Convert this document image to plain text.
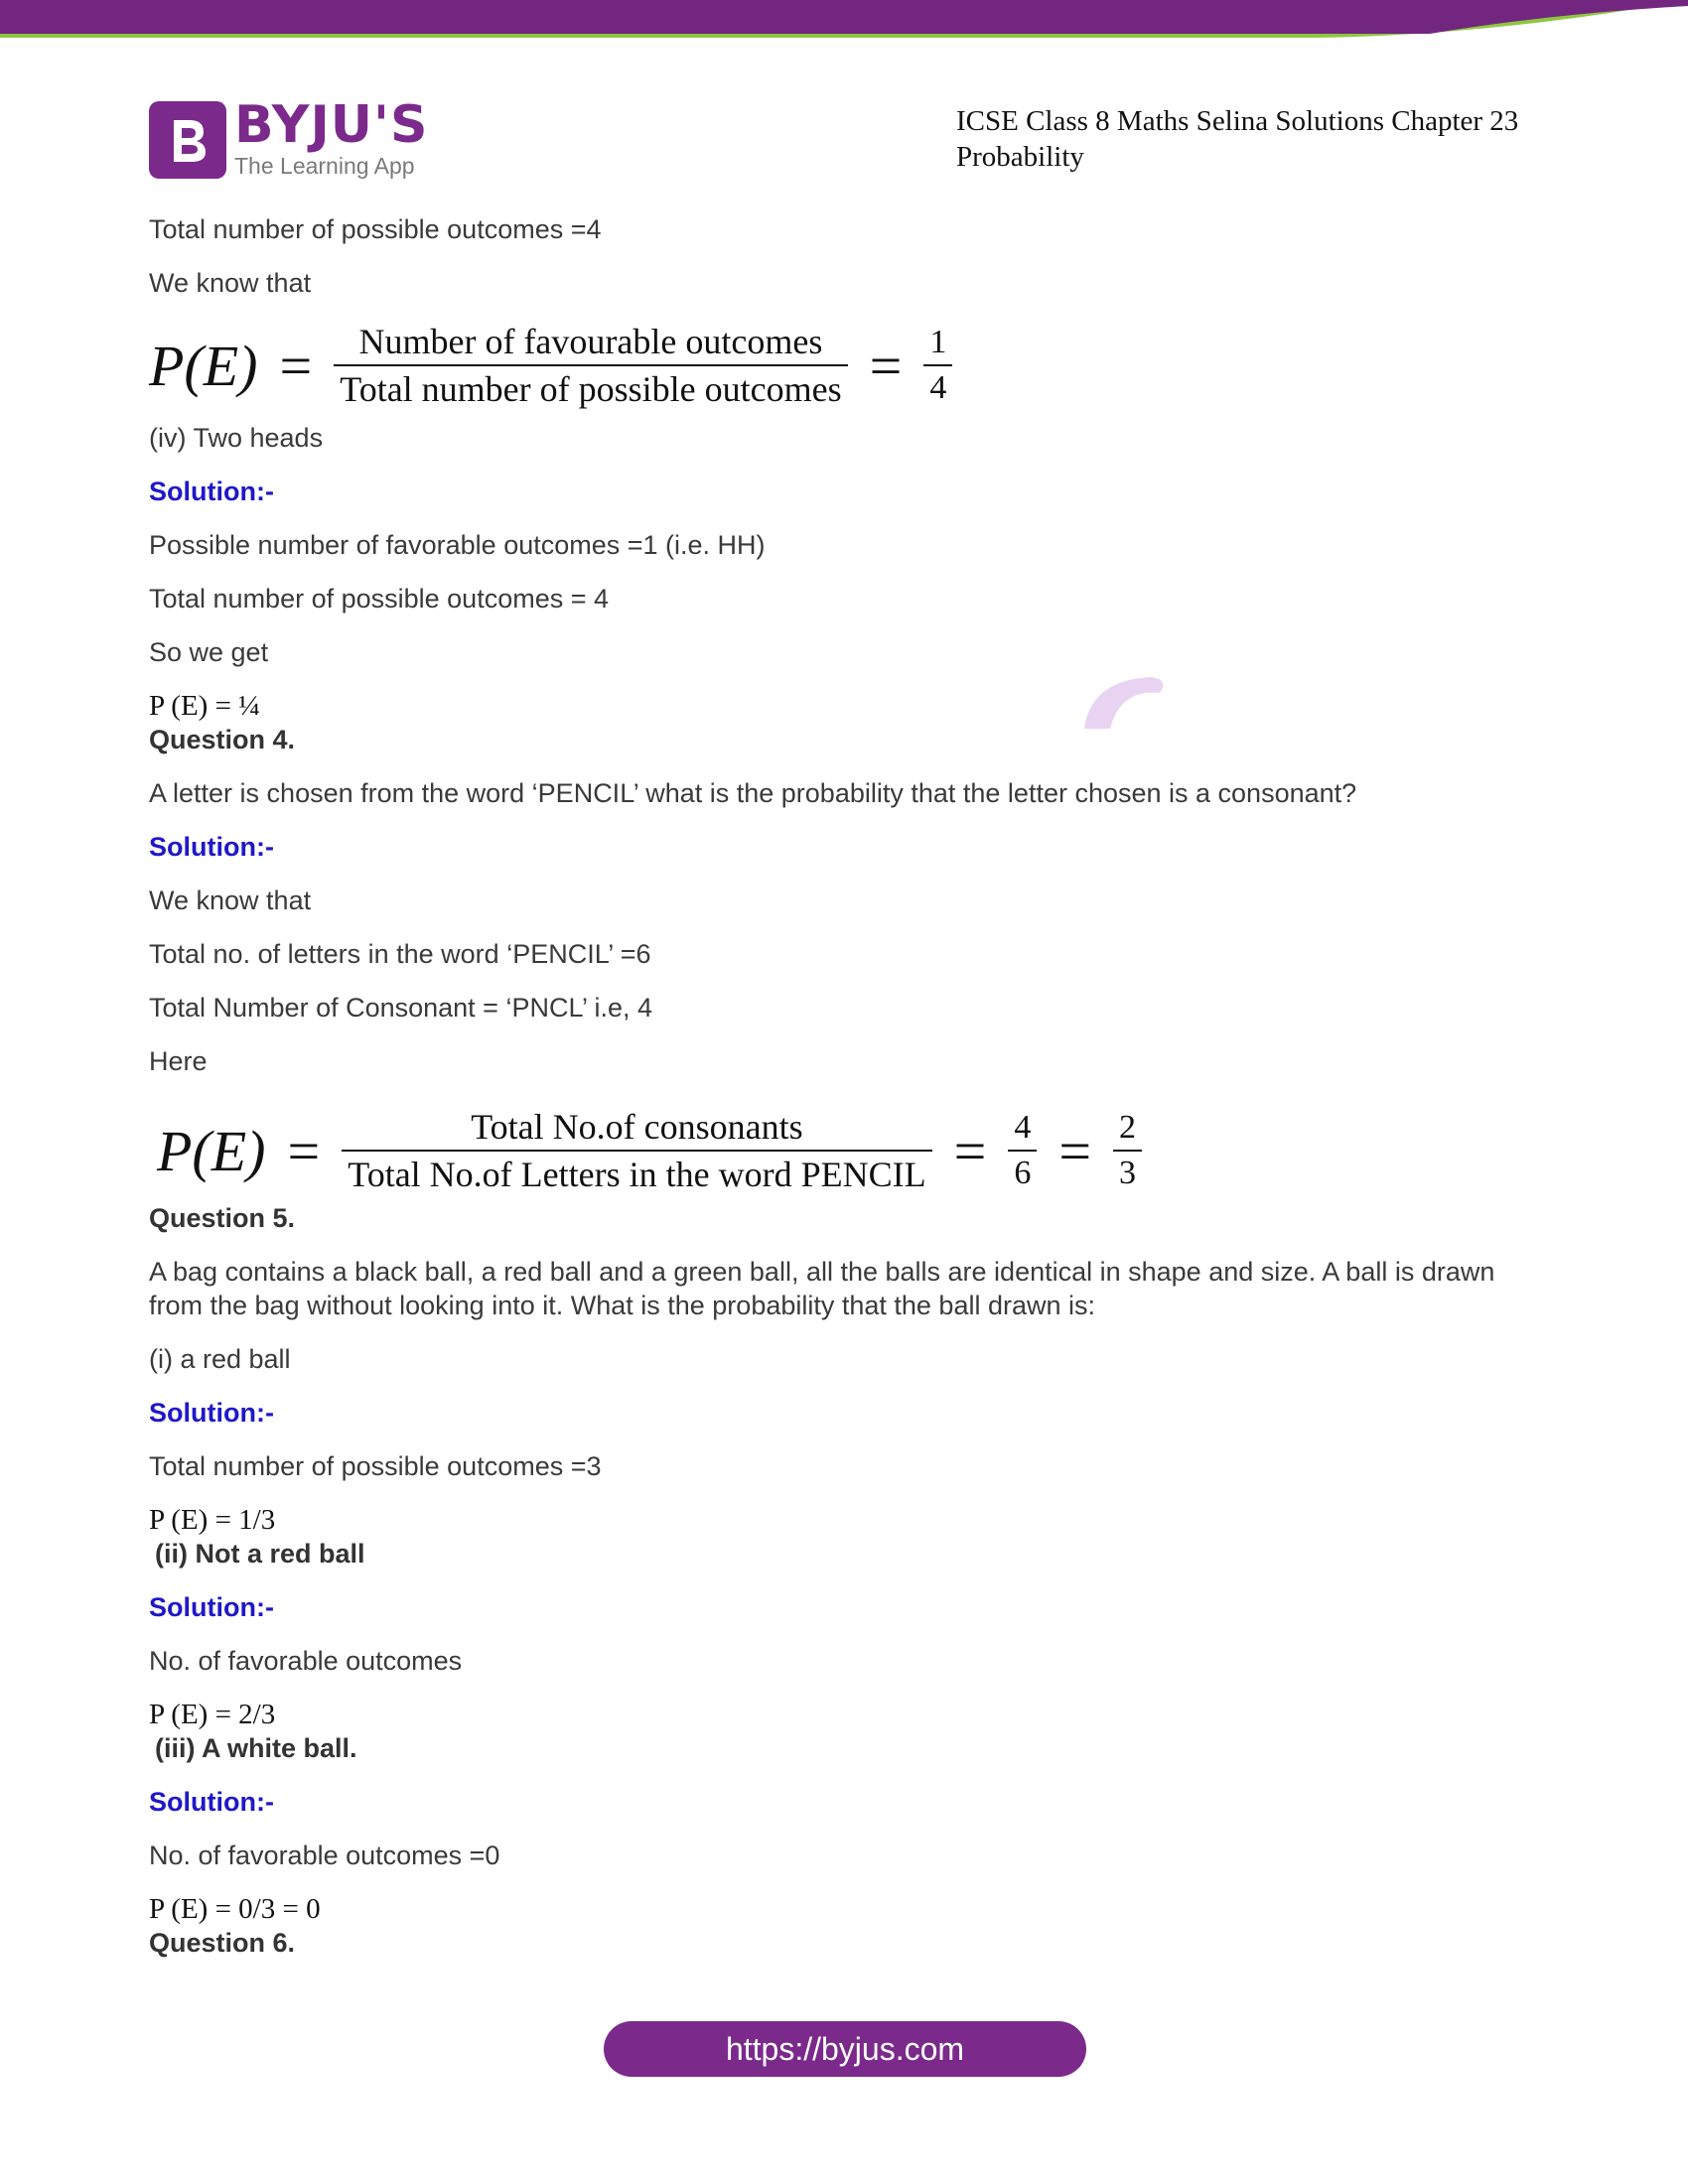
BYJU'S
The Learning App
ICSE Class 8 Maths Selina Solutions Chapter 23
Probability

Total number of possible outcomes =4

We know that

$P(E) = \frac{\text{Number of favourable outcomes}}{\text{Total number of possible outcomes}} = \frac{1}{4}$

(iv) Two heads

Solution:-

Possible number of favorable outcomes =1 (i.e. HH)

Total number of possible outcomes = 4

So we get

P (E) = ¼

Question 4.

A letter is chosen from the word ‘PENCIL’ what is the probability that the letter chosen is a consonant?

Solution:-

We know that

Total no. of letters in the word ‘PENCIL’ =6

Total Number of Consonant = ‘PNCL’ i.e, 4

Here

$P(E) = \frac{\text{Total No.of consonants}}{\text{Total No.of Letters in the word PENCIL}} = \frac{4}{6} = \frac{2}{3}$

Question 5.

A bag contains a black ball, a red ball and a green ball, all the balls are identical in shape and size. A ball is drawn from the bag without looking into it. What is the probability that the ball drawn is:

(i) a red ball

Solution:-

Total number of possible outcomes =3

P (E) = 1/3

(ii) Not a red ball

Solution:-

No. of favorable outcomes

P (E) = 2/3

(iii) A white ball.

Solution:-

No. of favorable outcomes =0

P (E) = 0/3 = 0

Question 6.

https://byjus.com
